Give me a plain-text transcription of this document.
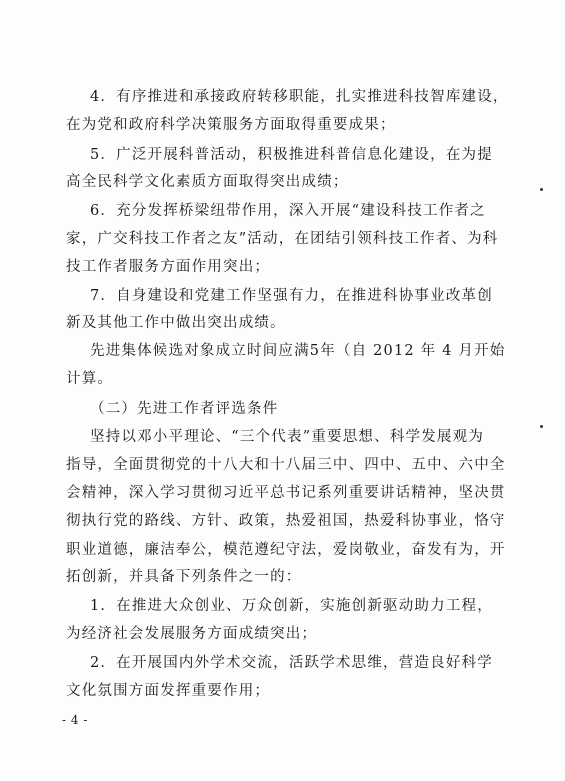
4．有序推进和承接政府转移职能，扎实推进科技智库建设，
在为党和政府科学决策服务方面取得重要成果；
5．广泛开展科普活动，积极推进科普信息化建设，在为提
高全民科学文化素质方面取得突出成绩；
6．充分发挥桥梁纽带作用，深入开展“建设科技工作者之
家，广交科技工作者之友”活动，在团结引领科技工作者、为科
技工作者服务方面作用突出；
7．自身建设和党建工作坚强有力，在推进科协事业改革创
新及其他工作中做出突出成绩。
先进集体候选对象成立时间应满5年（自 2012 年 4 月开始
计算。
（二）先进工作者评选条件
坚持以邓小平理论、“三个代表”重要思想、科学发展观为
指导，全面贯彻党的十八大和十八届三中、四中、五中、六中全
会精神，深入学习贯彻习近平总书记系列重要讲话精神，坚决贯
彻执行党的路线、方针、政策，热爱祖国，热爱科协事业，恪守
职业道德，廉洁奉公，模范遵纪守法，爱岗敬业，奋发有为，开
拓创新，并具备下列条件之一的：
1．在推进大众创业、万众创新，实施创新驱动助力工程，
为经济社会发展服务方面成绩突出；
2．在开展国内外学术交流，活跃学术思维，营造良好科学
文化氛围方面发挥重要作用；
- 4 -
